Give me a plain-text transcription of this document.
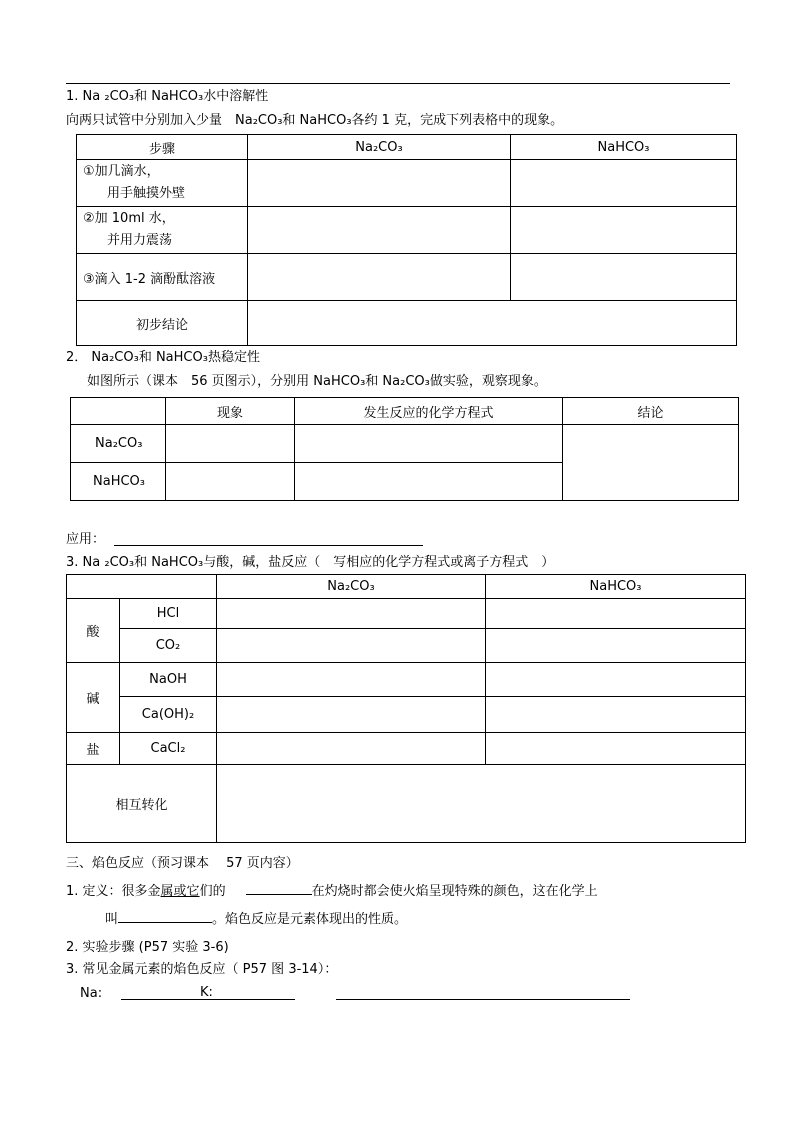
1. Na ₂CO₃和 NaHCO₃水中溶解性
向两只试管中分别加入少量　Na₂CO₃和 NaHCO₃各约 1 克，完成下列表格中的现象。
步骤	Na₂CO₃	NaHCO₃

①加几滴水，
用手触摸外壁		

②加 10ml 水，
并用力震荡		

③滴入 1-2 滴酚酞溶液		
初步结论		
2． Na₂CO₃和 NaHCO₃热稳定性
如图所示（课本　56 页图示），分别用 NaHCO₃和 Na₂CO₃做实验，观察现象。
	现象	发生反应的化学方程式	结论
Na₂CO₃			
NaHCO₃			
应用：
3. Na ₂CO₃和 NaHCO₃与酸，碱，盐反应（　写相应的化学方程式或离子方程式　）
		Na₂CO₃	NaHCO₃
酸	HCl		
	CO₂		
碱	NaOH		
	Ca(OH)₂		
盐	CaCl₂		
相互转化			
三、焰色反应（预习课本　 57 页内容）
1. 定义：很多金属或它们的	在灼烧时都会使火焰呈现特殊的颜色，这在化学上
叫	。焰色反应是元素体现出的性质。
2. 实验步骤 (P57 实验 3-6)
3. 常见金属元素的焰色反应（ P57 图 3-14）：
Na:	K:
